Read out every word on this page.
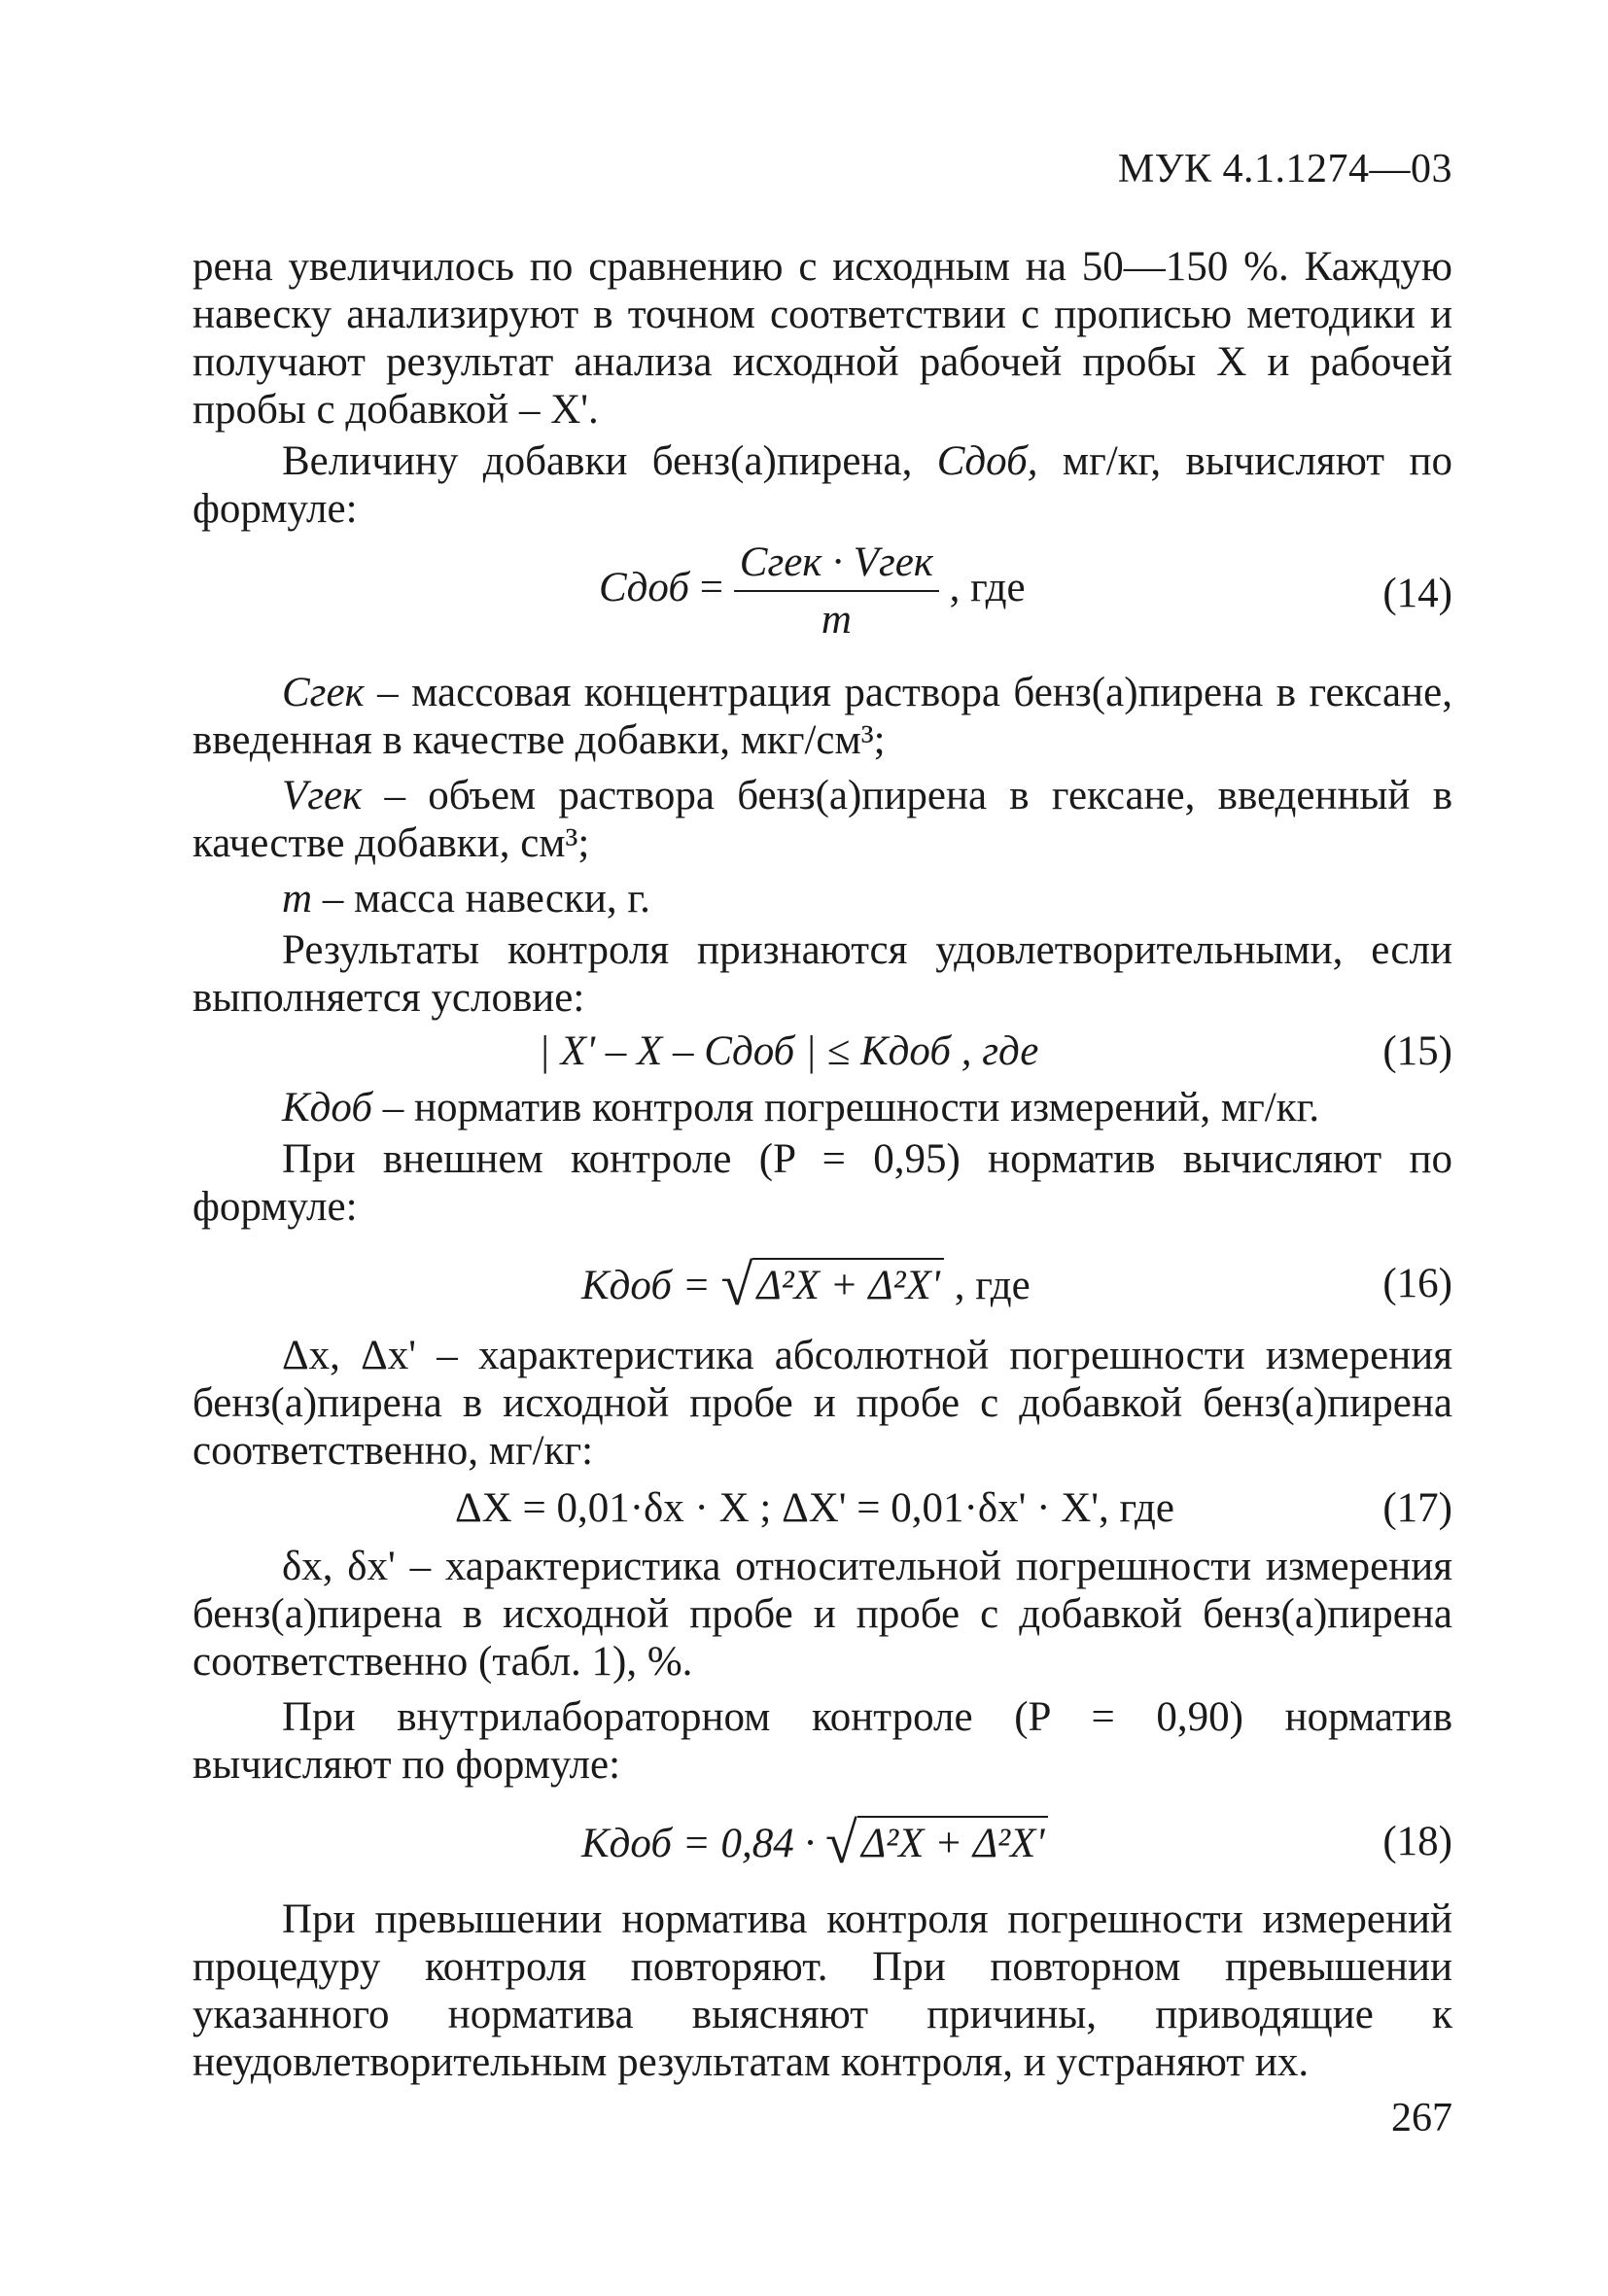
МУК 4.1.1274—03

рена увеличилось по сравнению с исходным на 50—150 %. Каждую навеску анализируют в точном соответствии с прописью методики и получают результат анализа исходной рабочей пробы X и рабочей пробы с добавкой – X'.

Величину добавки бенз(а)пирена, Cдоб, мг/кг, вычисляют по формуле:

Cдоб = $\frac{\text{Cгек · Vгек}}{m}$ , где	(14)

Cгек – массовая концентрация раствора бенз(а)пирена в гексане, введенная в качестве добавки, мкг/см³;

Vгек – объем раствора бенз(а)пирена в гексане, введенный в качестве добавки, см³;

m – масса навески, г.

Результаты контроля признаются удовлетворительными, если выполняется условие:

| X' – X – Cдоб | ≤ Kдоб , где	(15)

Kдоб – норматив контроля погрешности измерений, мг/кг.

При внешнем контроле (P = 0,95) норматив вычисляют по формуле:

Kдоб = √Δ²X + Δ²X' , где	(16)

Δx, Δx' – характеристика абсолютной погрешности измерения бенз(а)пирена в исходной пробе и пробе с добавкой бенз(а)пирена соответственно, мг/кг:

ΔX = 0,01·δx · X ; ΔX' = 0,01·δx' · X', где	(17)

δx, δx' – характеристика относительной погрешности измерения бенз(а)пирена в исходной пробе и пробе с добавкой бенз(а)пирена соответственно (табл. 1), %.

При внутрилабораторном контроле (P = 0,90) норматив вычисляют по формуле:

Kдоб = 0,84 · √Δ²X + Δ²X'	(18)

При превышении норматива контроля погрешности измерений процедуру контроля повторяют. При повторном превышении указанного норматива выясняют причины, приводящие к неудовлетворительным результатам контроля, и устраняют их.

267
